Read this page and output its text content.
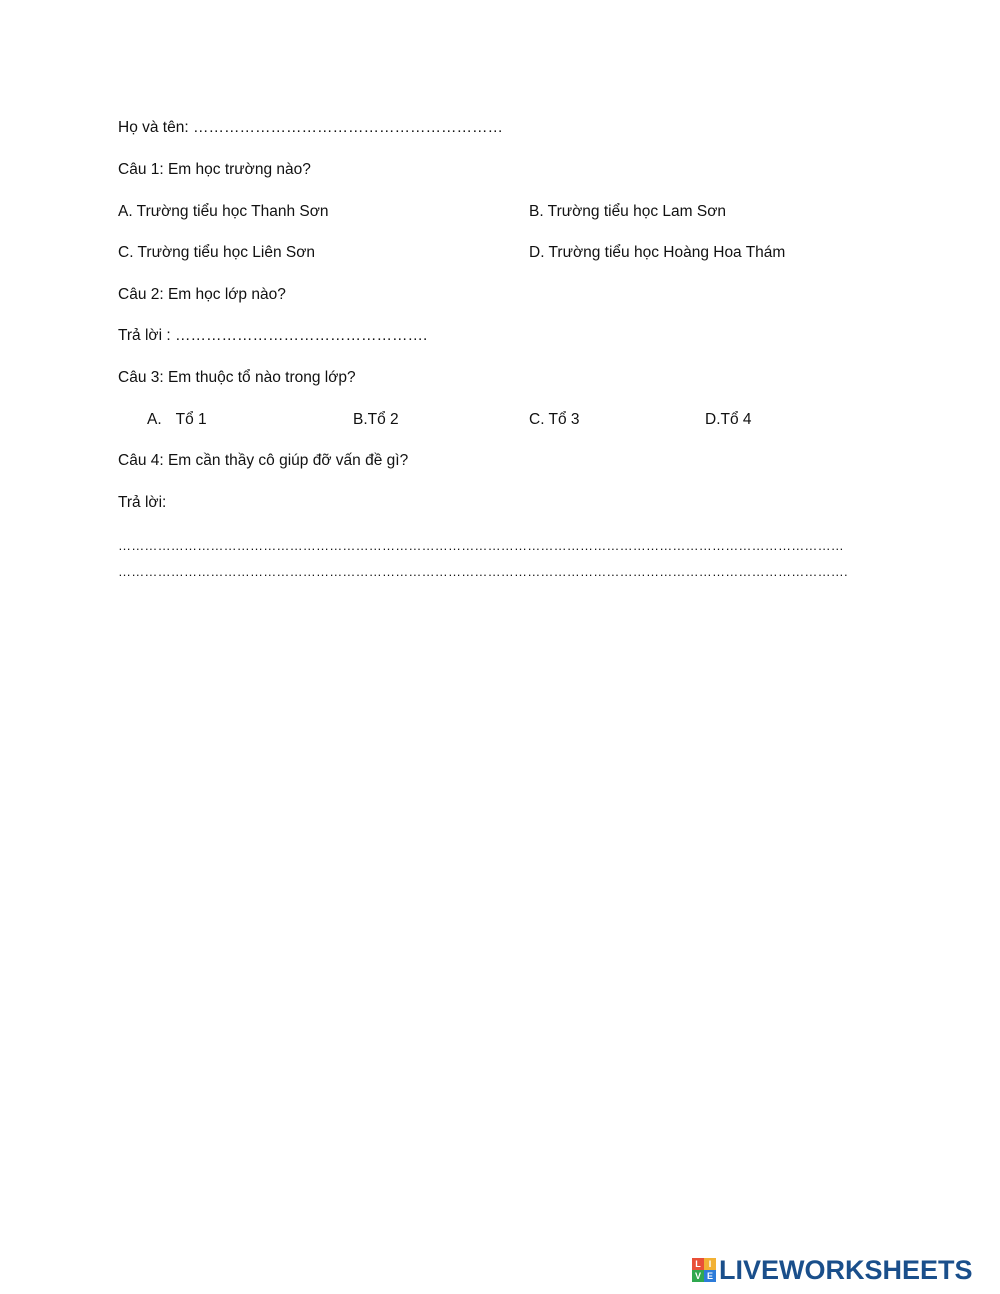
Họ và tên: ……………………………………………………
Câu 1: Em học trường nào?
A. Trường tiểu học Thanh Sơn	B. Trường tiểu học Lam Sơn
C. Trường tiểu học Liên Sơn	D. Trường tiểu học Hoàng Hoa Thám
Câu 2: Em học lớp nào?
Trả lời : ………………………………………….
Câu 3: Em thuộc tổ nào trong lớp?
A. Tổ 1	B.Tổ 2	C. Tổ 3	D.Tổ 4
Câu 4: Em cần thầy cô giúp đỡ vấn đề gì?
Trả lời:
…………………………………………………………………………………………………………………………………………………
………………………………………………………………………………………………………………………………………………….
L I
V E LIVEWORKSHEETS
